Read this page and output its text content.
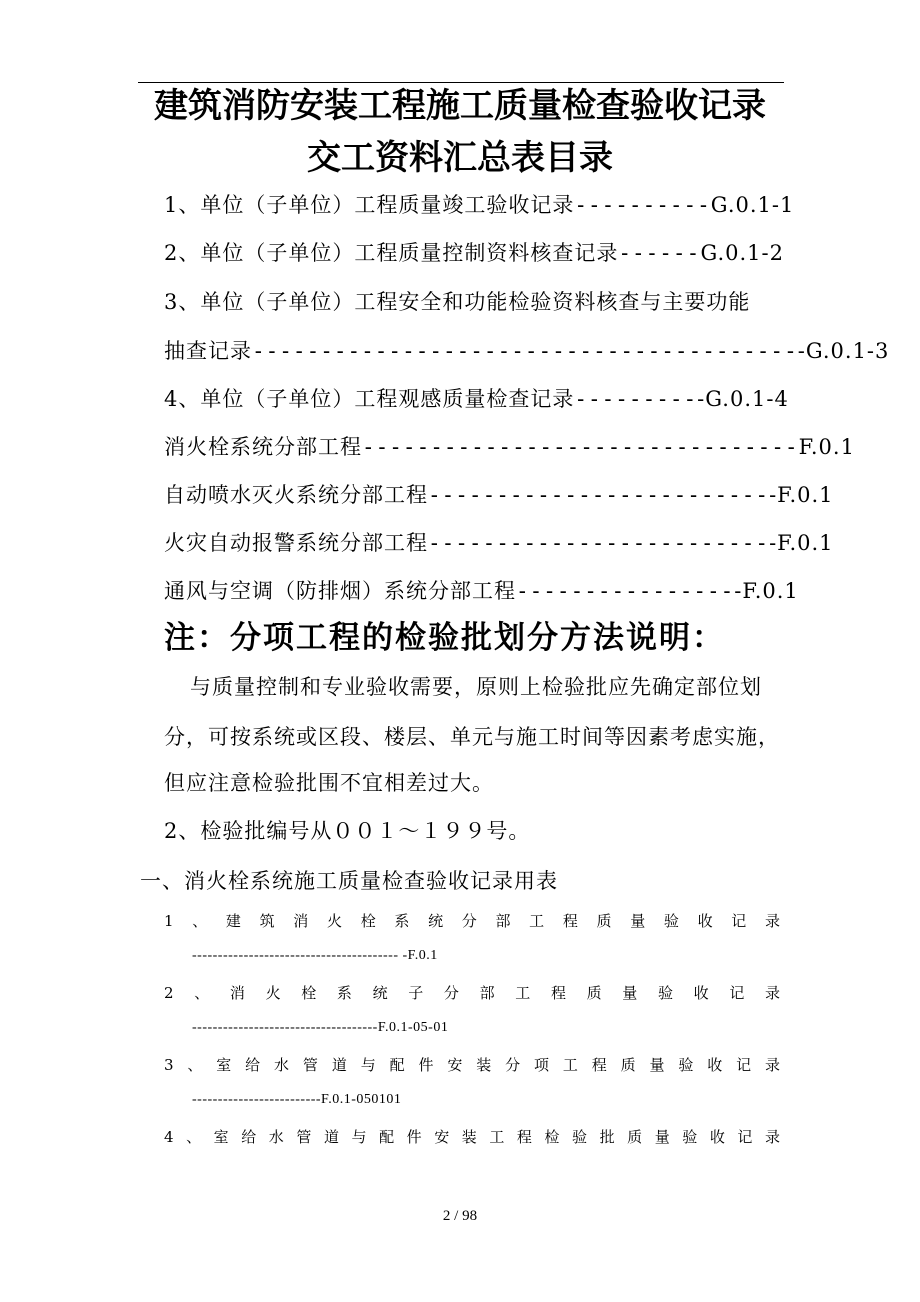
建筑消防安装工程施工质量检查验收记录
交工资料汇总表目录
1、单位（子单位）工程质量竣工验收记录 ---------- G.0.1-1
2、单位（子单位）工程质量控制资料核查记录 ------ G.0.1-2
3、单位（子单位）工程安全和功能检验资料核查与主要功能
抽查记录 ---------------------------------------- -G.0.1-3
4、单位（子单位）工程观感质量检查记录 --------- -G.0.1-4
消火栓系统分部工程 -------------------------------- F.0.1
自动喷水灭火系统分部工程 ------------------------- -F.0.1
火灾自动报警系统分部工程 ------------------------- -F.0.1
通风与空调（防排烟）系统分部工程 ---------------- -F.0.1
注：分项工程的检验批划分方法说明：
与质量控制和专业验收需要，原则上检验批应先确定部位划
分，可按系统或区段、楼层、单元与施工时间等因素考虑实施，
但应注意检验批围不宜相差过大。
2、检验批编号从００１～１９９号。
一、消火栓系统施工质量检查验收记录用表
1、建筑消火栓系统分部工程质量验收记录
---------------------------------------- -F.0.1
2、消火栓系统子分部工程质量验收记录
------------------------------------F.0.1-05-01
3、室给水管道与配件安装分项工程质量验收记录
-------------------------F.0.1-050101
4、室给水管道与配件安装工程检验批质量验收记录
2 / 98
